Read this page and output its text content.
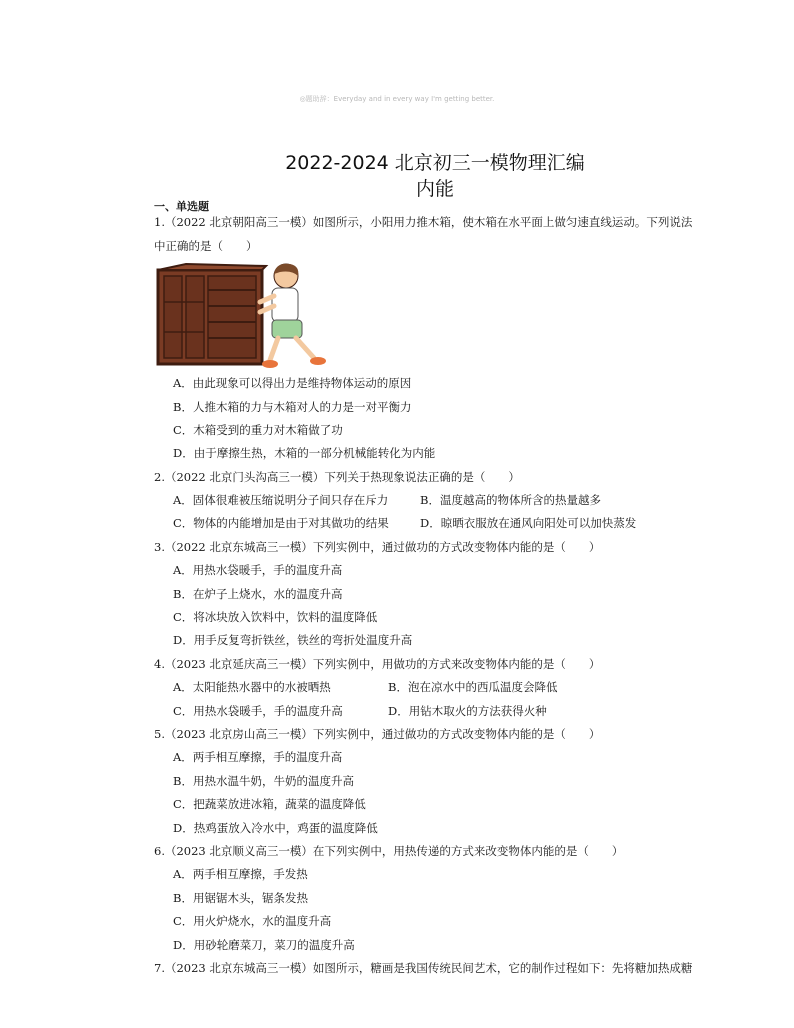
◎题助辞：Everyday and in every way I'm getting better.
2022-2024 北京初三一模物理汇编
内能
一、单选题
1.（2022 北京朝阳高三一模）如图所示，小阳用力推木箱，使木箱在水平面上做匀速直线运动。下列说法
中正确的是（　　）
A．由此现象可以得出力是维持物体运动的原因
B．人推木箱的力与木箱对人的力是一对平衡力
C．木箱受到的重力对木箱做了功
D．由于摩擦生热，木箱的一部分机械能转化为内能
2.（2022 北京门头沟高三一模）下列关于热现象说法正确的是（　　）
A．固体很难被压缩说明分子间只存在斥力	B．温度越高的物体所含的热量越多
C．物体的内能增加是由于对其做功的结果	D．晾晒衣服放在通风向阳处可以加快蒸发
3.（2022 北京东城高三一模）下列实例中，通过做功的方式改变物体内能的是（　　）
A．用热水袋暖手，手的温度升高
B．在炉子上烧水，水的温度升高
C．将冰块放入饮料中，饮料的温度降低
D．用手反复弯折铁丝，铁丝的弯折处温度升高
4.（2023 北京延庆高三一模）下列实例中，用做功的方式来改变物体内能的是（　　）
A．太阳能热水器中的水被晒热	B．泡在凉水中的西瓜温度会降低
C．用热水袋暖手，手的温度升高	D．用钻木取火的方法获得火种
5.（2023 北京房山高三一模）下列实例中，通过做功的方式改变物体内能的是（　　）
A．两手相互摩擦，手的温度升高
B．用热水温牛奶，牛奶的温度升高
C．把蔬菜放进冰箱，蔬菜的温度降低
D．热鸡蛋放入冷水中，鸡蛋的温度降低
6.（2023 北京顺义高三一模）在下列实例中，用热传递的方式来改变物体内能的是（　　）
A．两手相互摩擦，手发热
B．用锯锯木头，锯条发热
C．用火炉烧水，水的温度升高
D．用砂轮磨菜刀，菜刀的温度升高
7.（2023 北京东城高三一模）如图所示，糖画是我国传统民间艺术，它的制作过程如下：先将糖加热成糖
